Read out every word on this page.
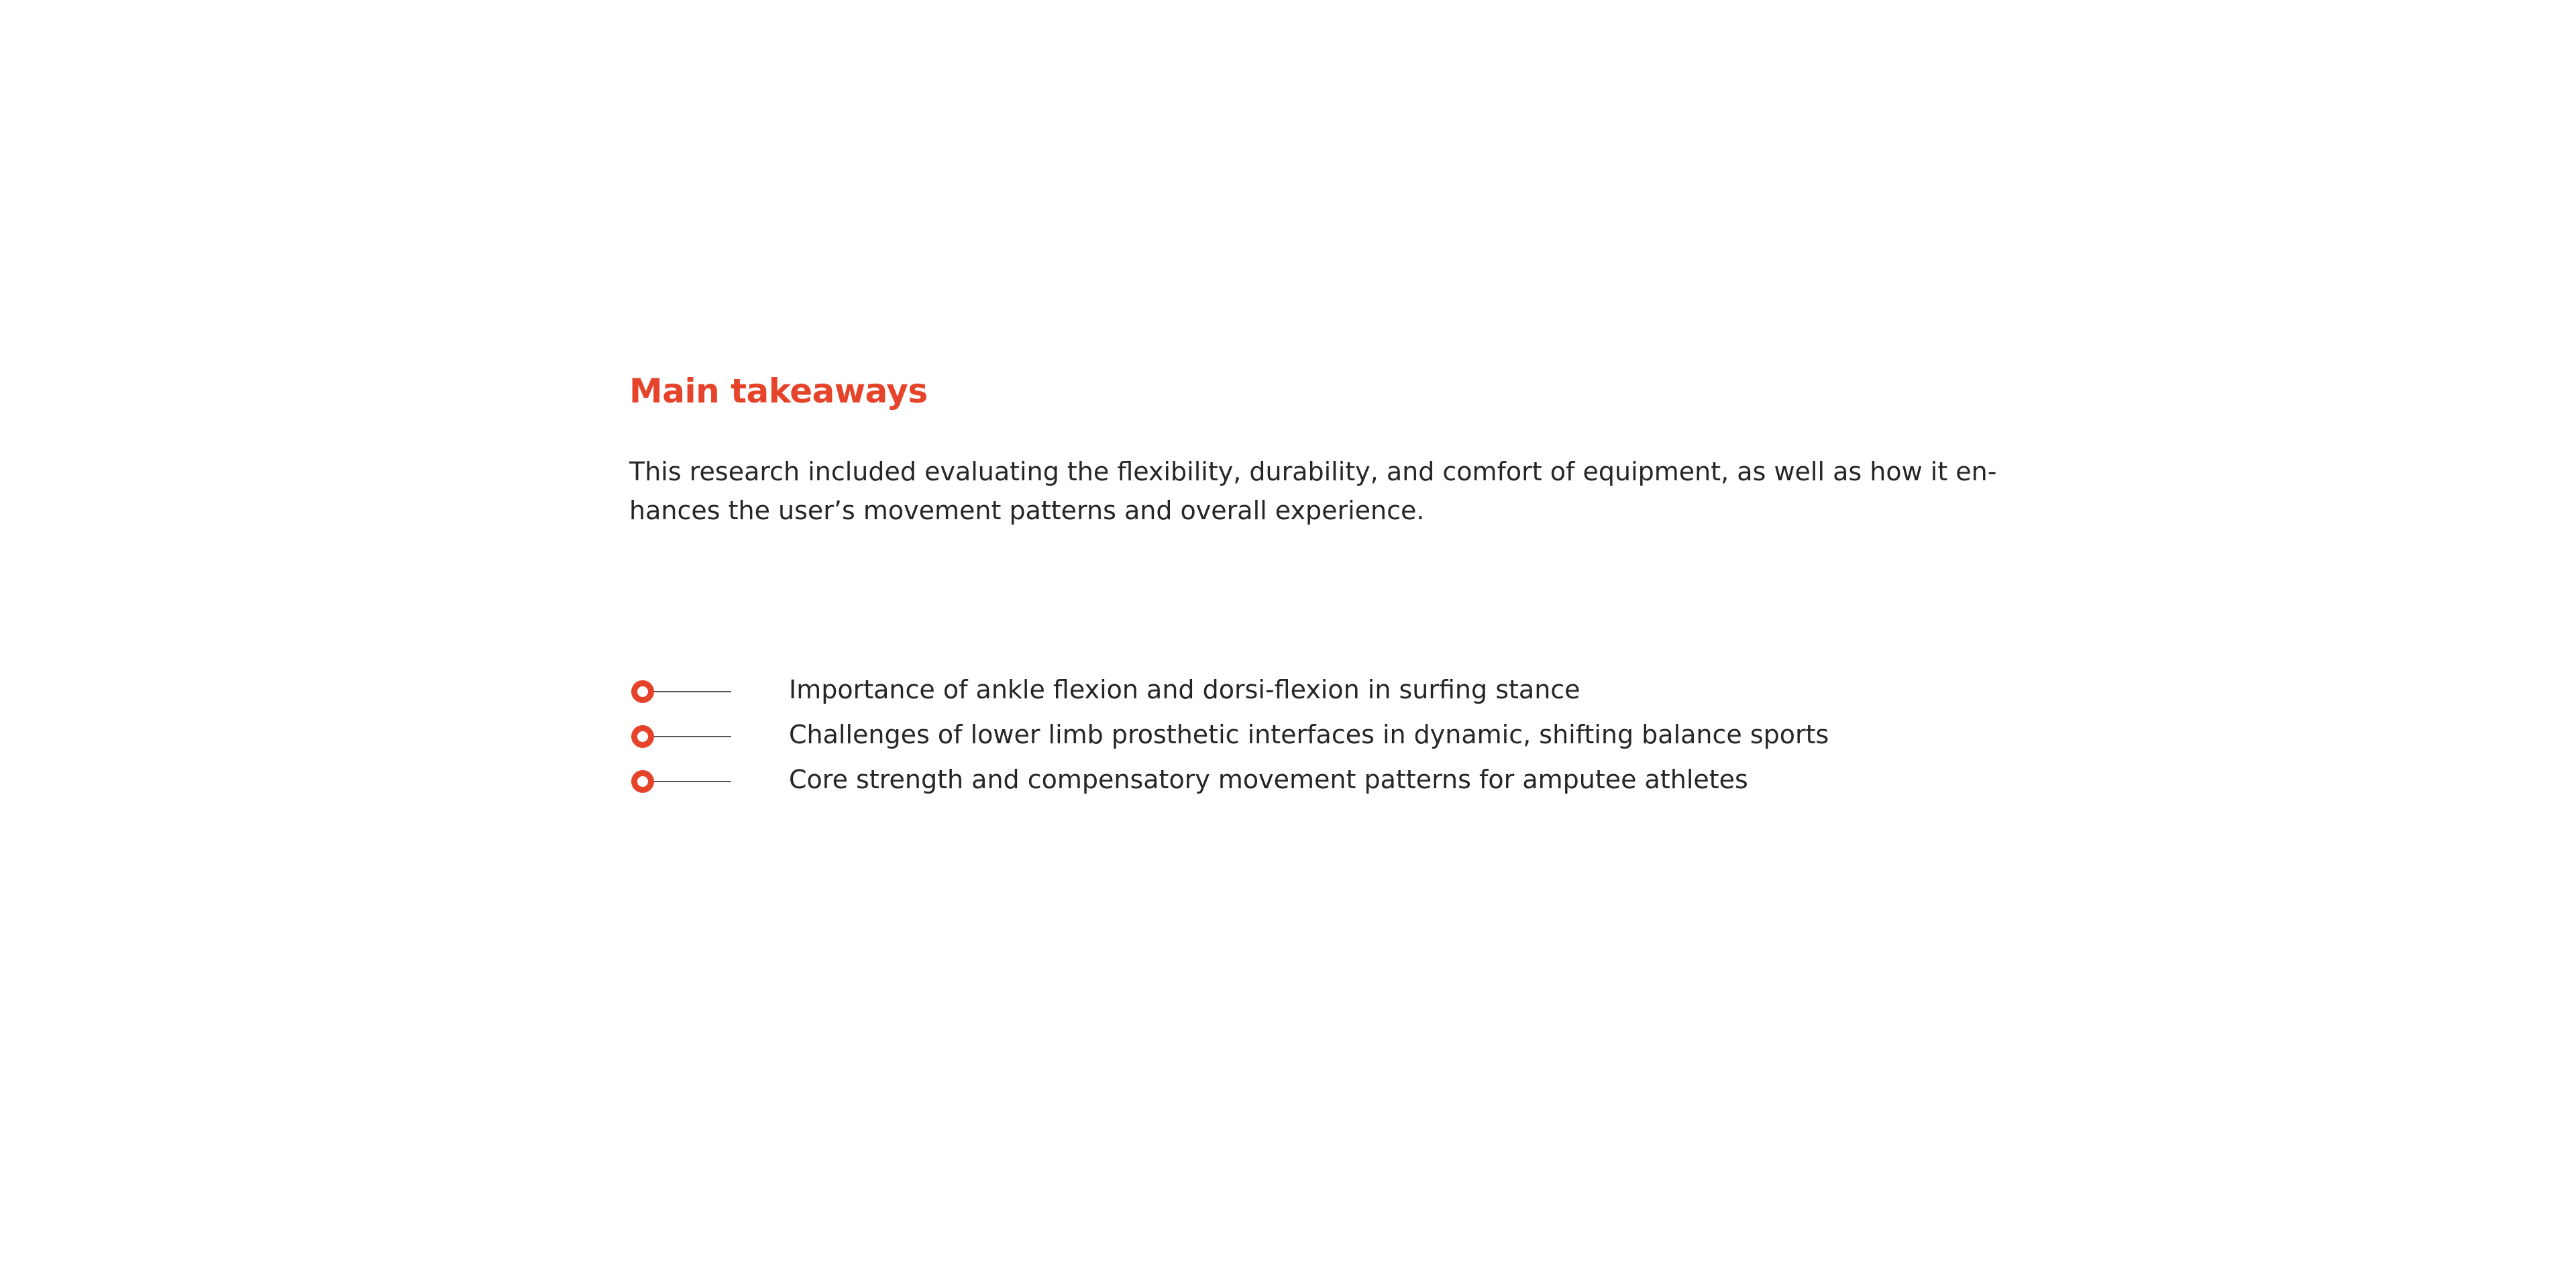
Main takeaways

This research included evaluating the flexibility, durability, and comfort of equipment, as well as how it en-
hances the user’s movement patterns and overall experience.

Importance of ankle flexion and dorsi-flexion in surfing stance
Challenges of lower limb prosthetic interfaces in dynamic, shifting balance sports
Core strength and compensatory movement patterns for amputee athletes
